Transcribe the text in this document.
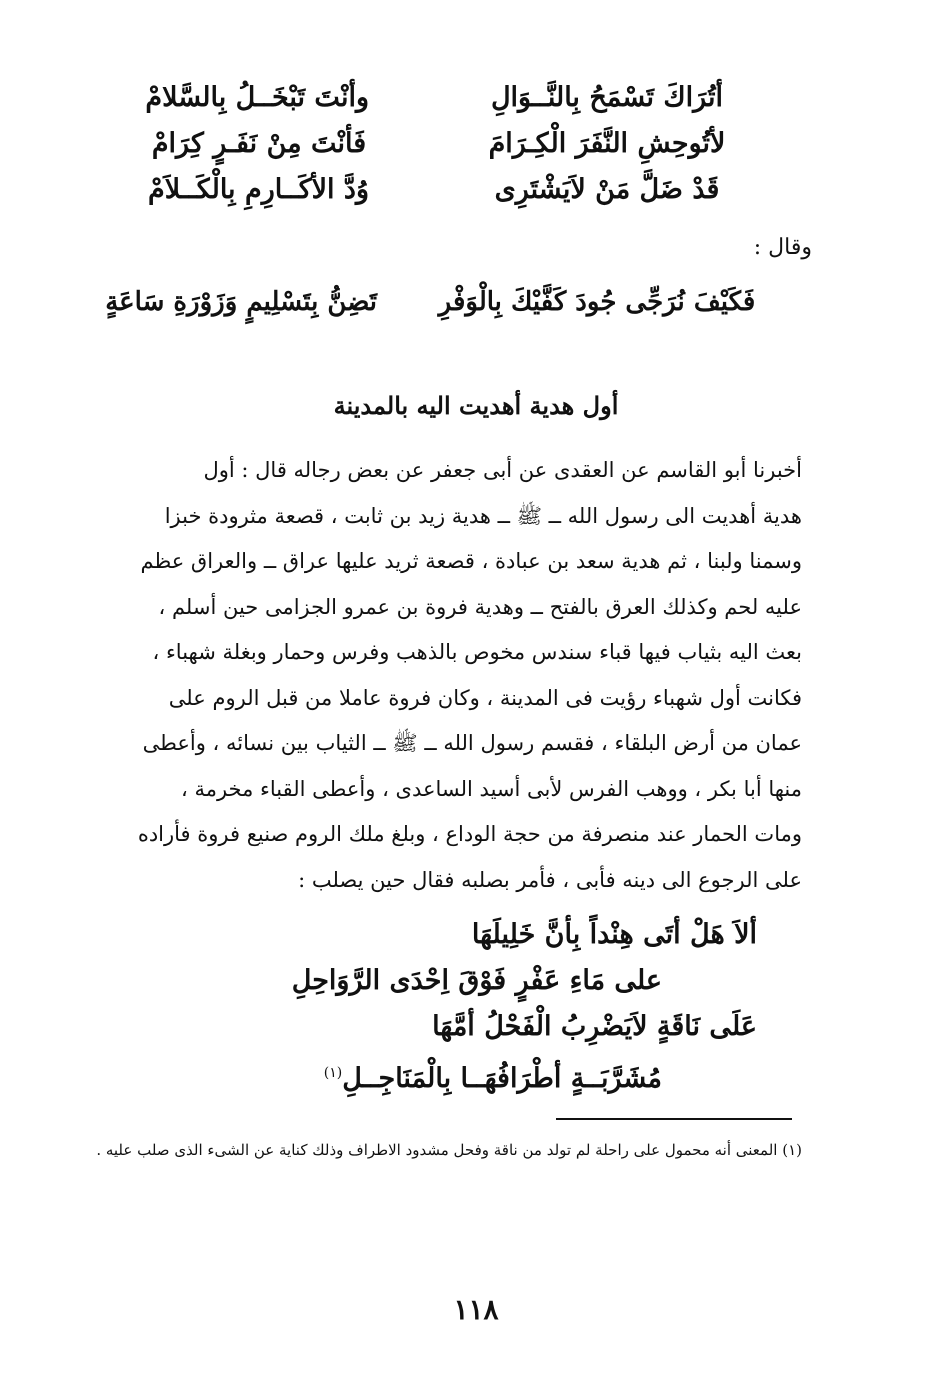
أتُرَاكَ تَسْمَحُ بِالنَّــوَالِوأنْتَ تَبْخَــلُ بِالسَّلامْ
لأتُوحِشِ النَّفَرَ الْكِـرَامَفَأنْتَ مِنْ نَفَـرٍ كِرَامْ
قَدْ ضَلَّ مَنْ لاَيَشْتَرِىوُدَّ الأكَــارِمِ بِالْكَــلاَمْ
وقال :
فَكَيْفَ نُرَجِّى جُودَ كَفَّيْكَ بِالْوَفْرِتَضِنُّ بِتَسْلِيمٍ وَزَوْرَةِ سَاعَةٍ
أول هدية أهديت اليه بالمدينة

أخبرنا أبو القاسم عن العقدى عن أبى جعفر عن بعض رجاله قال : أول

هدية أهديت الى رسول الله ــ ﷺ ــ هدية زيد بن ثابت ، قصعة مثرودة خبزا

وسمنا ولبنا ، ثم هدية سعد بن عبادة ، قصعة ثريد عليها عراق ــ والعراق عظم

عليه لحم وكذلك العرق بالفتح ــ وهدية فروة بن عمرو الجزامى حين أسلم ،

بعث اليه بثياب فيها قباء سندس مخوص بالذهب وفرس وحمار وبغلة شهباء ،

فكانت أول شهباء رؤيت فى المدينة ، وكان فروة عاملا من قبل الروم على

عمان من أرض البلقاء ، فقسم رسول الله ــ ﷺ ــ الثياب بين نسائه ، وأعطى

منها أبا بكر ، ووهب الفرس لأبى أسيد الساعدى ، وأعطى القباء مخرمة ،

ومات الحمار عند منصرفة من حجة الوداع ، وبلغ ملك الروم صنيع فروة فأراده

على الرجوع الى دينه فأبى ، فأمر بصلبه فقال حين يصلب :

ألاَ هَلْ أتَى هِنْداً بِأنَّ خَلِيلَهَا
على مَاءِ عَفْرٍ فَوْقَ اِحْدَى الرَّوَاحِلِ
عَلَى نَاقَةٍ لاَيَضْرِبُ الْفَحْلُ أمَّهَا
مُشَرَّبَــةٍ أطْرَافُهَــا بِالْمَنَاجِــلِ$^{(١)}$
(١) المعنى أنه محمول على راحلة لم تولد من ناقة وفحل مشدود الاطراف وذلك كناية عن الشىء الذى صلب عليه .
١١٨
